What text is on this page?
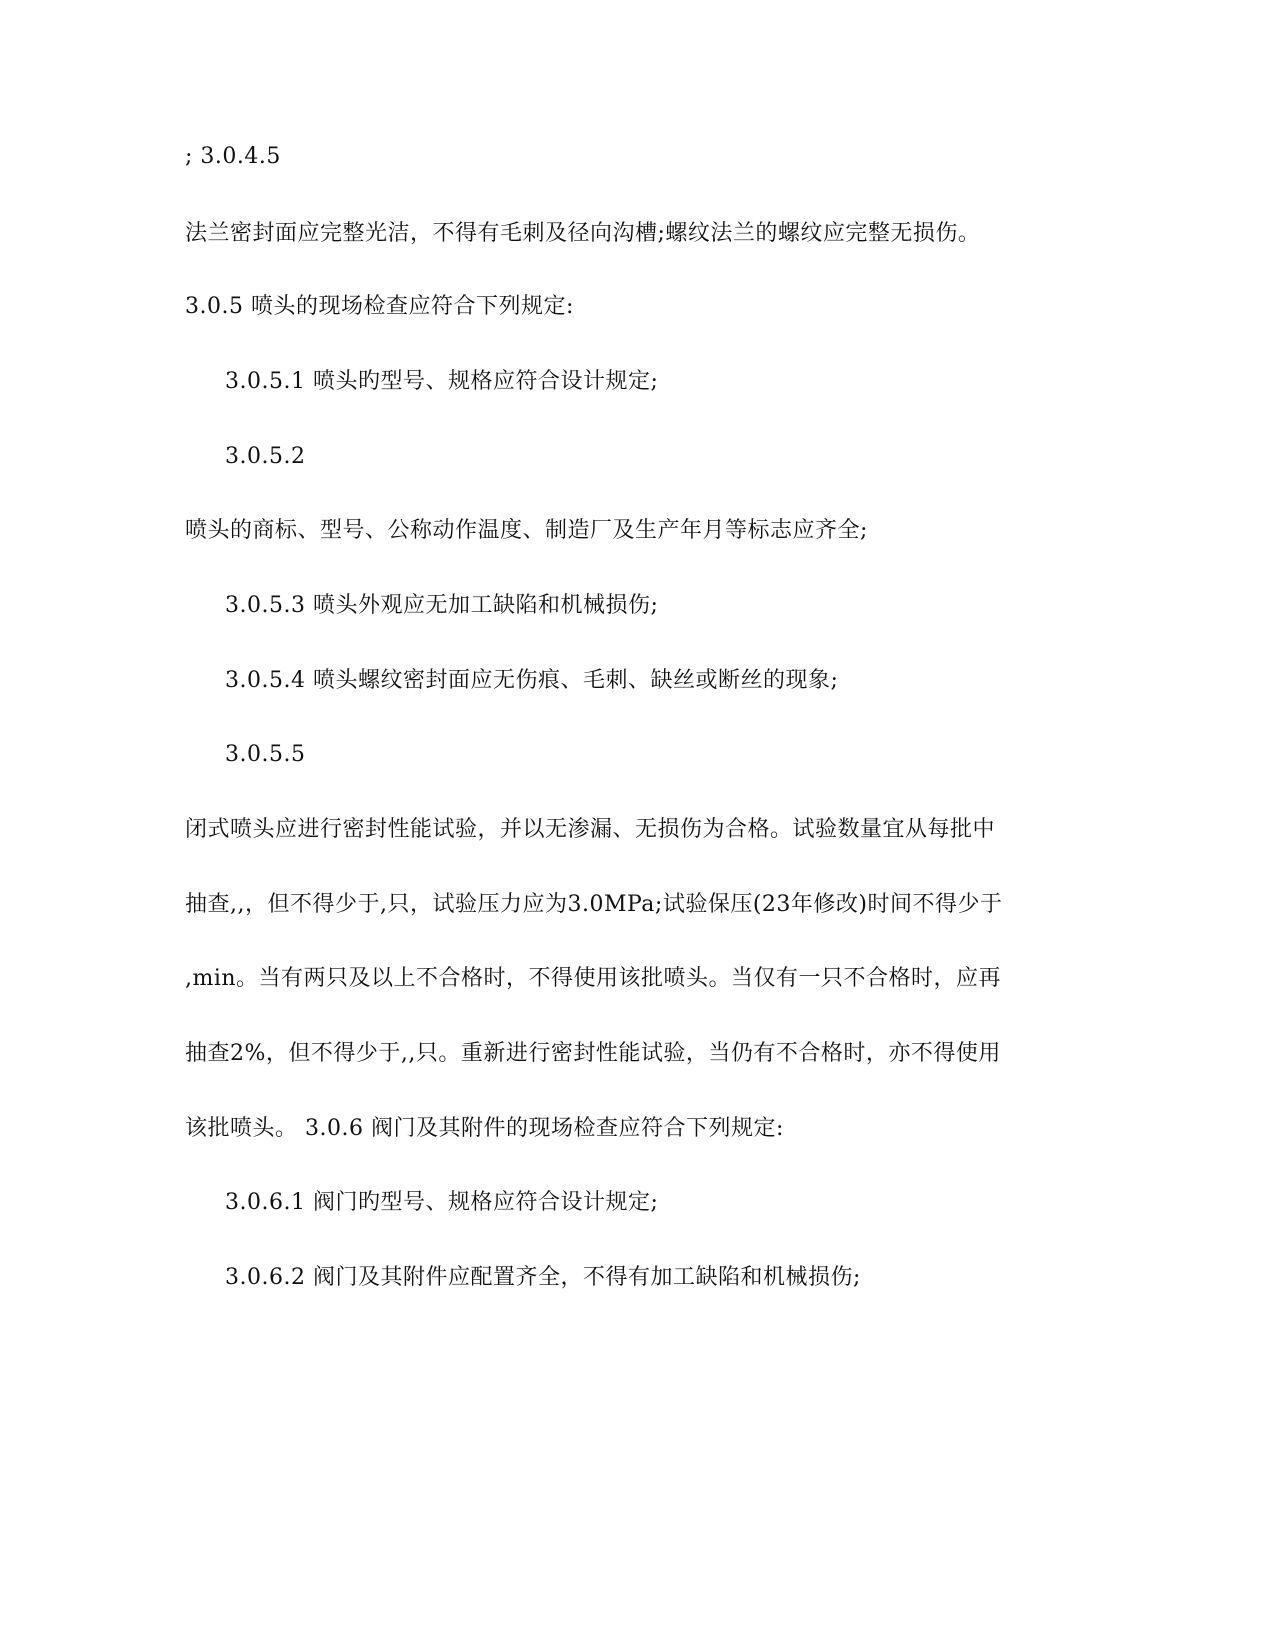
; 3.0.4.5
法兰密封面应完整光洁，不得有毛刺及径向沟槽;螺纹法兰的螺纹应完整无损伤。
3.0.5 喷头的现场检查应符合下列规定:
3.0.5.1 喷头旳型号、规格应符合设计规定;
3.0.5.2
喷头的商标、型号、公称动作温度、制造厂及生产年月等标志应齐全;
3.0.5.3 喷头外观应无加工缺陷和机械损伤;
3.0.5.4 喷头螺纹密封面应无伤痕、毛刺、缺丝或断丝的现象;
3.0.5.5
闭式喷头应进行密封性能试验，并以无渗漏、无损伤为合格。试验数量宜从每批中
抽查,,，但不得少于,只，试验压力应为3.0MPa;试验保压(23年修改)时间不得少于
,min。当有两只及以上不合格时，不得使用该批喷头。当仅有一只不合格时，应再
抽查2%，但不得少于,,只。重新进行密封性能试验，当仍有不合格时，亦不得使用
该批喷头。 3.0.6 阀门及其附件的现场检查应符合下列规定:
3.0.6.1 阀门旳型号、规格应符合设计规定;
3.0.6.2 阀门及其附件应配置齐全，不得有加工缺陷和机械损伤;
